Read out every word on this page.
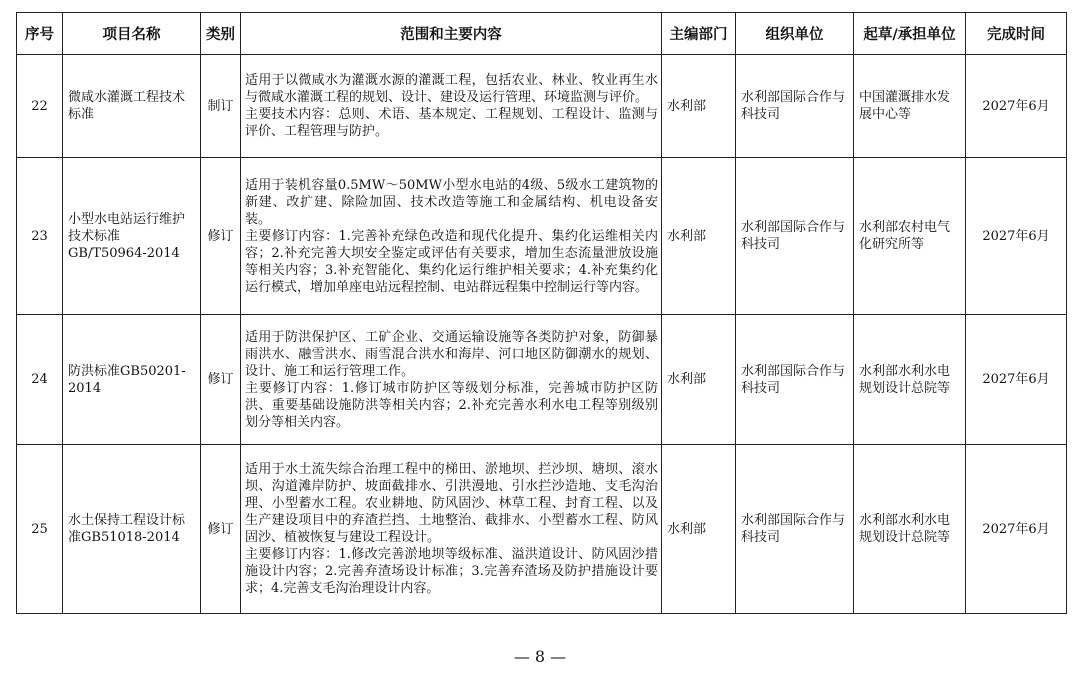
序号	项目名称	类别	范围和主要内容	主编部门	组织单位	起草/承担单位	完成时间
22	微咸水灌溉工程技术标准	制订	适用于以微咸水为灌溉水源的灌溉工程，包括农业、林业、牧业再生水与微咸水灌溉工程的规划、设计、建设及运行管理、环境监测与评价。
主要技术内容：总则、术语、基本规定、工程规划、工程设计、监测与评价、工程管理与防护。	水利部	水利部国际合作与科技司	中国灌溉排水发展中心等	2027年6月
23	小型水电站运行维护技术标准GB/T50964-2014	修订	适用于装机容量0.5MW～50MW小型水电站的4级、5级水工建筑物的新建、改扩建、除险加固、技术改造等施工和金属结构、机电设备安装。
主要修订内容：1.完善补充绿色改造和现代化提升、集约化运维相关内容；2.补充完善大坝安全鉴定或评估有关要求，增加生态流量泄放设施等相关内容；3.补充智能化、集约化运行维护相关要求；4.补充集约化运行模式，增加单座电站远程控制、电站群远程集中控制运行等内容。	水利部	水利部国际合作与科技司	水利部农村电气化研究所等	2027年6月
24	防洪标准GB50201-2014	修订	适用于防洪保护区、工矿企业、交通运输设施等各类防护对象，防御暴雨洪水、融雪洪水、雨雪混合洪水和海岸、河口地区防御潮水的规划、设计、施工和运行管理工作。
主要修订内容：1.修订城市防护区等级划分标准，完善城市防护区防洪、重要基础设施防洪等相关内容；2.补充完善水利水电工程等别级别划分等相关内容。	水利部	水利部国际合作与科技司	水利部水利水电规划设计总院等	2027年6月
25	水土保持工程设计标准GB51018-2014	修订	适用于水土流失综合治理工程中的梯田、淤地坝、拦沙坝、塘坝、滚水坝、沟道滩岸防护、坡面截排水、引洪漫地、引水拦沙造地、支毛沟治理、小型蓄水工程。农业耕地、防风固沙、林草工程、封育工程、以及生产建设项目中的弃渣拦挡、土地整治、截排水、小型蓄水工程、防风固沙、植被恢复与建设工程设计。
主要修订内容：1.修改完善淤地坝等级标准、溢洪道设计、防风固沙措施设计内容；2.完善弃渣场设计标准；3.完善弃渣场及防护措施设计要求；4.完善支毛沟治理设计内容。	水利部	水利部国际合作与科技司	水利部水利水电规划设计总院等	2027年6月
— 8 —
